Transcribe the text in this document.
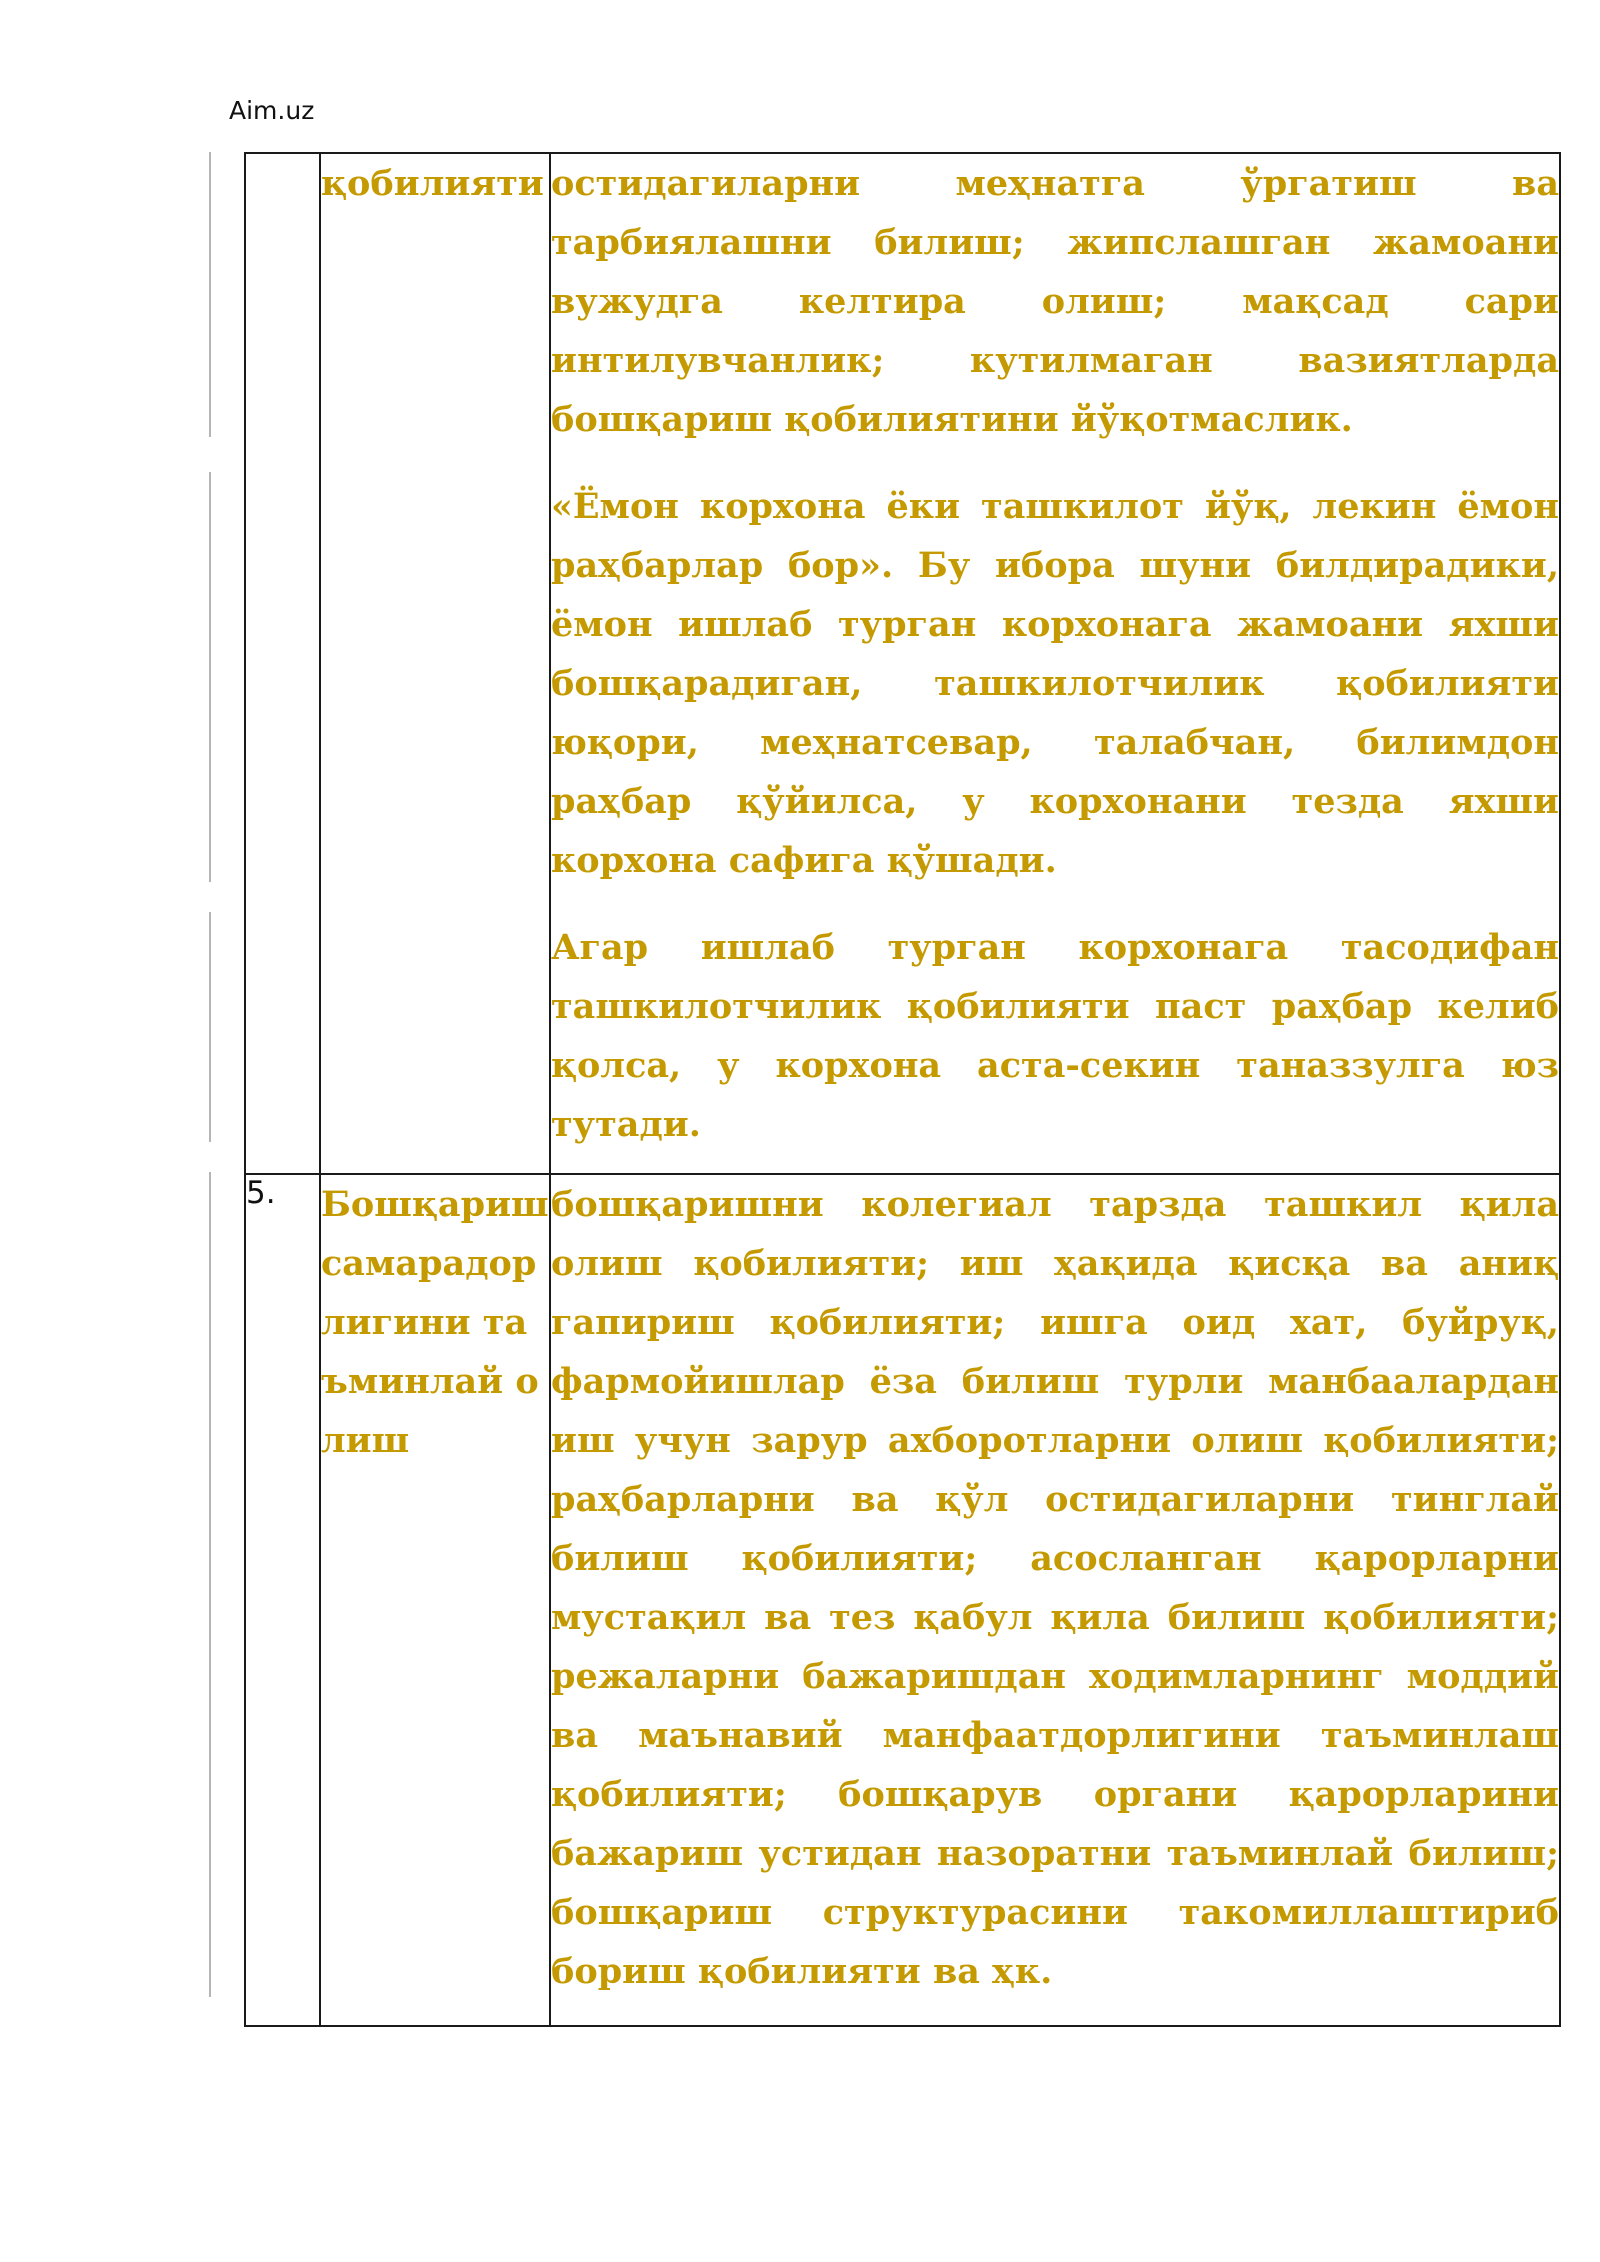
Aim.uz
	қобилияти	остидагиларни меҳнатга ўргатиш ва тарбиялашни билиш; жипслашган жамоани вужудга келтира олиш; мақсад сари интилувчанлик; кутилмаган вазиятларда бошқариш қобилиятини йўқотмаслик.

«Ёмон корхона ёки ташкилот йўқ, лекин ёмон раҳбарлар бор». Бу ибора шуни билдирадики, ёмон ишлаб турган корхонага жамоани яхши бошқарадиган, ташкилотчилик қобилияти юқори, меҳнатсевар, талабчан, билимдон раҳбар қўйилса, у корхонани тезда яхши корхона сафига қўшади.

Агар ишлаб турган корхонага тасодифан ташкилотчилик қобилияти паст раҳбар келиб қолса, у корхона аста-секин таназзулга юз тутади.

5.	Бошқариш самарадорлигини таъминлай олиш	бошқаришни колегиал тарзда ташкил қила олиш қобилияти; иш ҳақида қисқа ва аниқ гапириш қобилияти; ишга оид хат, буйруқ, фармойишлар ёза билиш турли манбаалардан иш учун зарур ахборотларни олиш қобилияти; раҳбарларни ва қўл остидагиларни тинглай билиш қобилияти; асосланган қарорларни мустақил ва тез қабул қила билиш қобилияти; режаларни бажаришдан ходимларнинг моддий ва маънавий манфаатдорлигини таъминлаш қобилияти; бошқарув органи қарорларини бажариш устидан назоратни таъминлай билиш; бошқариш структурасини такомиллаштириб бориш қобилияти ва ҳк.
